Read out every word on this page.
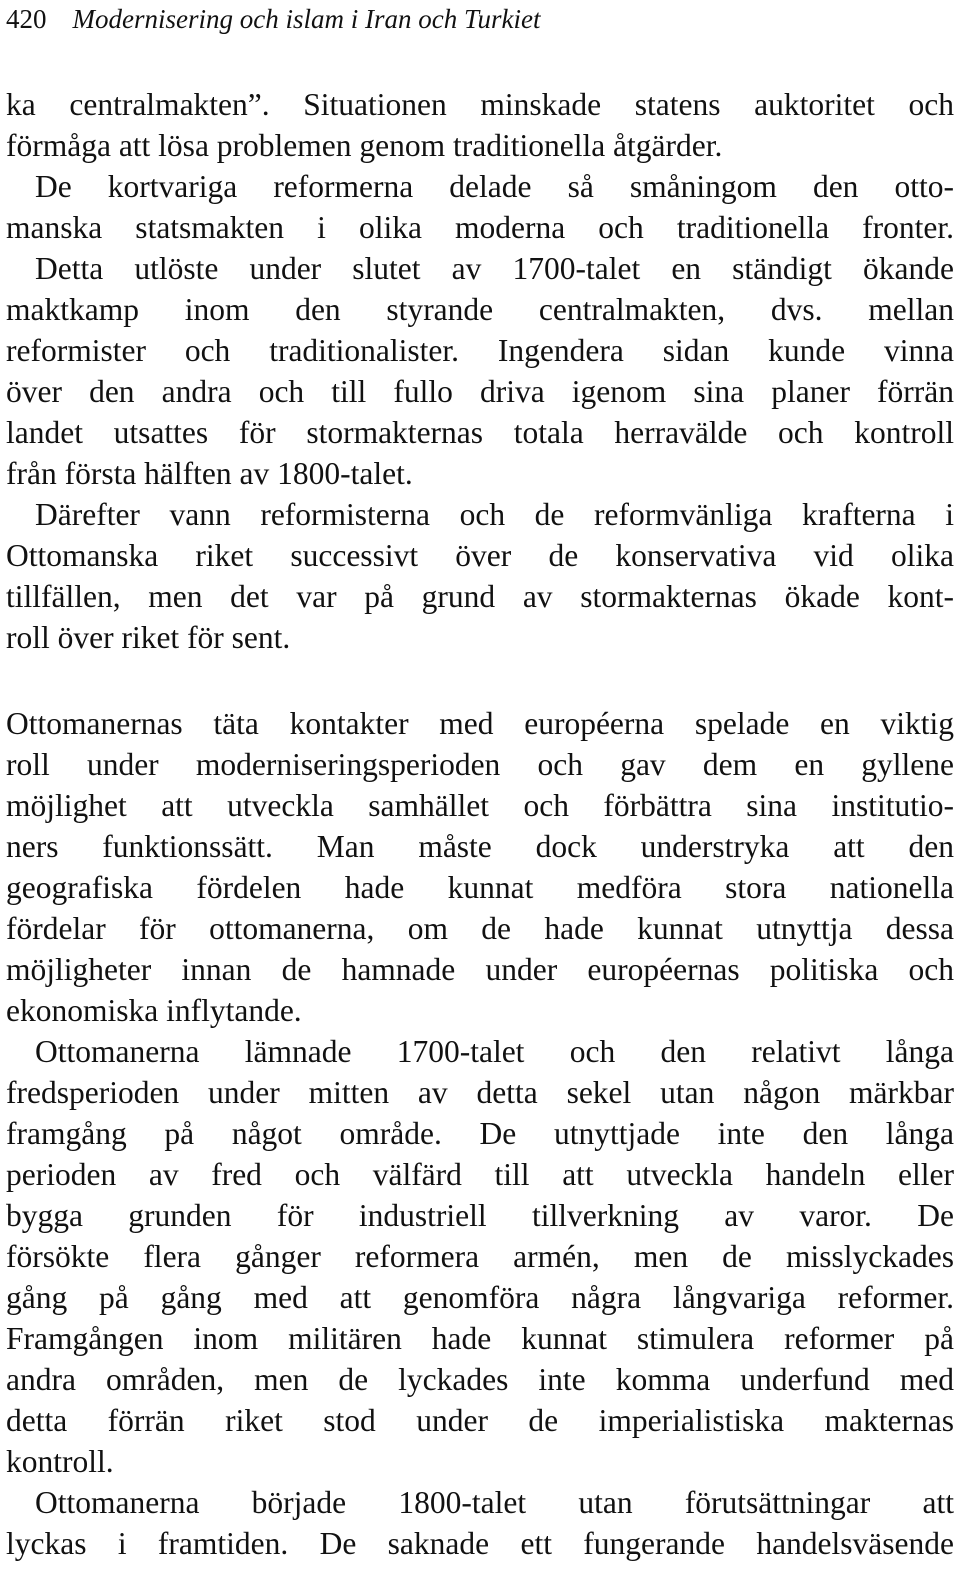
420 Modernisering och islam i Iran och Turkiet
ka centralmakten”. Situationen minskade statens auktoritet och
förmåga att lösa problemen genom traditionella åtgärder.
De kortvariga reformerna delade så småningom den otto-
manska statsmakten i olika moderna och traditionella fronter.
Detta utlöste under slutet av 1700-talet en ständigt ökande
maktkamp inom den styrande centralmakten, dvs. mellan
reformister och traditionalister. Ingendera sidan kunde vinna
över den andra och till fullo driva igenom sina planer förrän
landet utsattes för stormakternas totala herravälde och kontroll
från första hälften av 1800-talet.
Därefter vann reformisterna och de reformvänliga krafterna i
Ottomanska riket successivt över de konservativa vid olika
tillfällen, men det var på grund av stormakternas ökade kont-
roll över riket för sent.
Ottomanernas täta kontakter med européerna spelade en viktig
roll under moderniseringsperioden och gav dem en gyllene
möjlighet att utveckla samhället och förbättra sina institutio-
ners funktionssätt. Man måste dock understryka att den
geografiska fördelen hade kunnat medföra stora nationella
fördelar för ottomanerna, om de hade kunnat utnyttja dessa
möjligheter innan de hamnade under européernas politiska och
ekonomiska inflytande.
Ottomanerna lämnade 1700-talet och den relativt långa
fredsperioden under mitten av detta sekel utan någon märkbar
framgång på något område. De utnyttjade inte den långa
perioden av fred och välfärd till att utveckla handeln eller
bygga grunden för industriell tillverkning av varor. De
försökte flera gånger reformera armén, men de misslyckades
gång på gång med att genomföra några långvariga reformer.
Framgången inom militären hade kunnat stimulera reformer på
andra områden, men de lyckades inte komma underfund med
detta förrän riket stod under de imperialistiska makternas
kontroll.
Ottomanerna började 1800-talet utan förutsättningar att
lyckas i framtiden. De saknade ett fungerande handelsväsende
